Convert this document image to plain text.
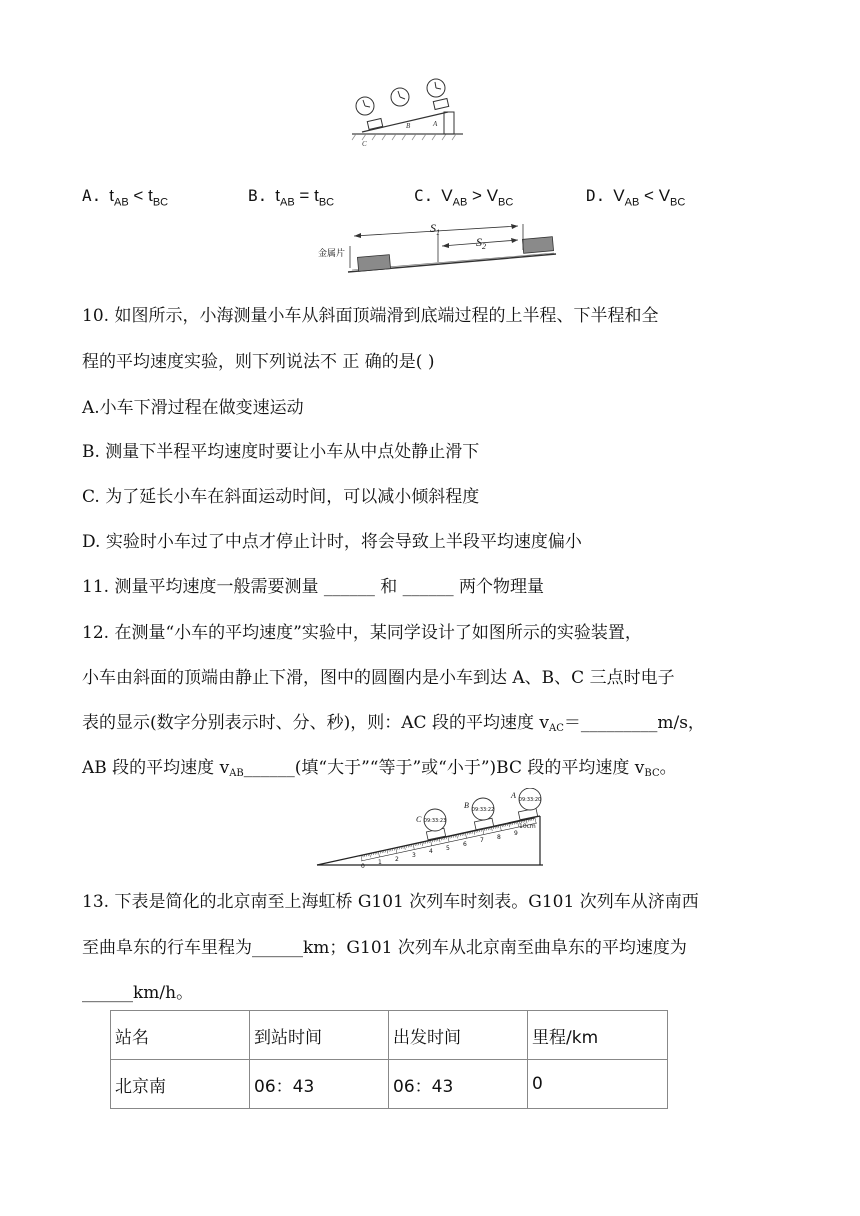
A
B
C
A. $t_{AB} < t_{BC}$	B. $t_{AB} = t_{BC}$	C. $V_{AB} > V_{BC}$	D. $V_{AB} < V_{BC}$
金属片
$S_1$
$S_2$
10. 如图所示，小海测量小车从斜面顶端滑到底端过程的上半程、下半程和全
程的平均速度实验，则下列说法不 正 确的是( )
A.小车下滑过程在做变速运动
B. 测量下半程平均速度时要让小车从中点处静止滑下
C. 为了延长小车在斜面运动时间，可以减小倾斜程度
D. 实验时小车过了中点才停止计时，将会导致上半段平均速度偏小
11. 测量平均速度一般需要测量 ______ 和 ______ 两个物理量
12. 在测量“小车的平均速度”实验中，某同学设计了如图所示的实验装置，
小车由斜面的顶端由静止下滑，图中的圆圈内是小车到达 A、B、C 三点时电子
表的显示(数字分别表示时、分、秒)，则：AC 段的平均速度 vAC＝_________m/s，
AB 段的平均速度 vAB______(填“大于”“等于”或“小于”)BC 段的平均速度 vBC。
0
1 2
3
4 5
6
7 8
9
10cm
09:33:20
09:33:22
09:33:23
A
B
C
13. 下表是简化的北京南至上海虹桥 G101 次列车时刻表。G101 次列车从济南西
至曲阜东的行车里程为______km；G101 次列车从北京南至曲阜东的平均速度为
______km/h。
站名	到站时间	出发时间	里程/km
北京南	06：43	06：43	0
